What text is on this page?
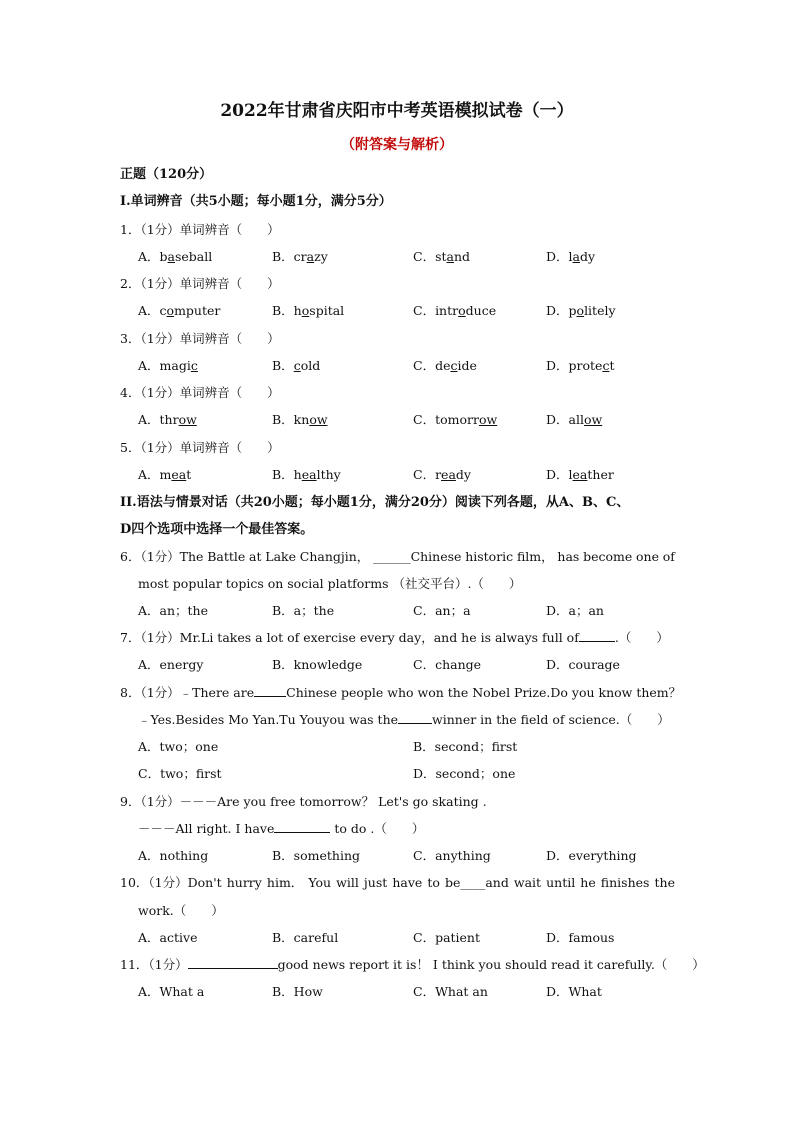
2022年甘肃省庆阳市中考英语模拟试卷（一）
（附答案与解析）
正题（120分）
I.单词辨音（共5小题；每小题1分，满分5分）
1．（1分）单词辨音（　　）
A．baseball	B．crazy	C．stand	D．lady
2．（1分）单词辨音（　　）
A．computer	B．hospital	C．introduce	D．politely
3．（1分）单词辨音（　　）
A．magic	B．cold	C．decide	D．protect
4．（1分）单词辨音（　　）
A．throw	B．know	C．tomorrow	D．allow
5．（1分）单词辨音（　　）
A．meat	B．healthy	C．ready	D．leather
II.语法与情景对话（共20小题；每小题1分，满分20分）阅读下列各题，从A、B、C、
D四个选项中选择一个最佳答案。
6．（1分）The Battle at Lake Changjin， ______Chinese historic film， has become one of
most popular topics on social platforms （社交平台）.（　　）
A．an；the	B．a；the	C．an；a	D．a；an
7．（1分）Mr.Li takes a lot of exercise every day，and he is always full of	.（　　）
A．energy	B．knowledge	C．change	D．courage
8．（1分）﹣There are	Chinese people who won the Nobel Prize.Do you know them？
﹣Yes.Besides Mo Yan.Tu Youyou was the	winner in the field of science.（　　）
A．two；one	B．second；first
C．two；first	D．second；one
9．（1分）－－－Are you free tomorrow？ Let's go skating .
－－－All right. I have	to do .（　　）
A．nothing	B．something	C．anything	D．everything
10．（1分）Don't hurry him． You will just have to be____and wait until he finishes the
work.（　　）
A．active	B．careful	C．patient	D．famous
11．（1分）	good news report it is！ I think you should read it carefully.（　　）
A．What a	B．How	C．What an	D．What
